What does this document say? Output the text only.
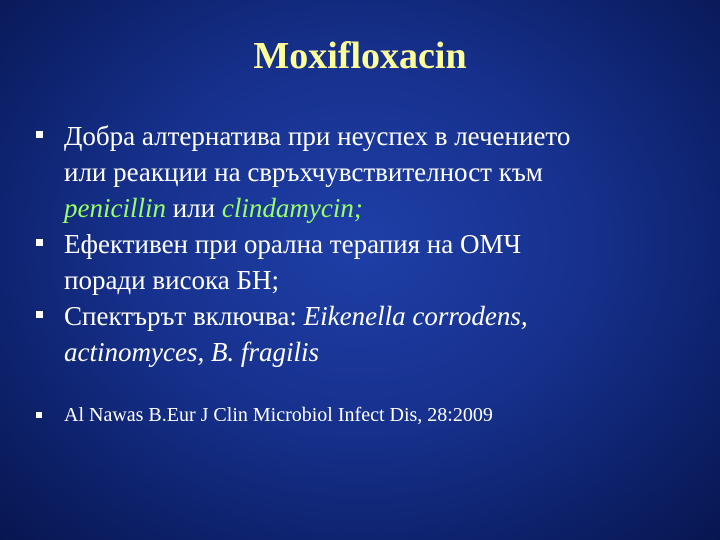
Moxifloxacin
Добра алтернатива при неуспех в лечението
или реакции на свръхчувствителност към
penicillin или clindamycin;
Ефективен при орална терапия на ОМЧ
поради висока БН;
Спектърът включва: Eikenella corrodens,
actinomyces, B. fragilis
Al Nawas B.Eur J Clin Microbiol Infect Dis, 28:2009
